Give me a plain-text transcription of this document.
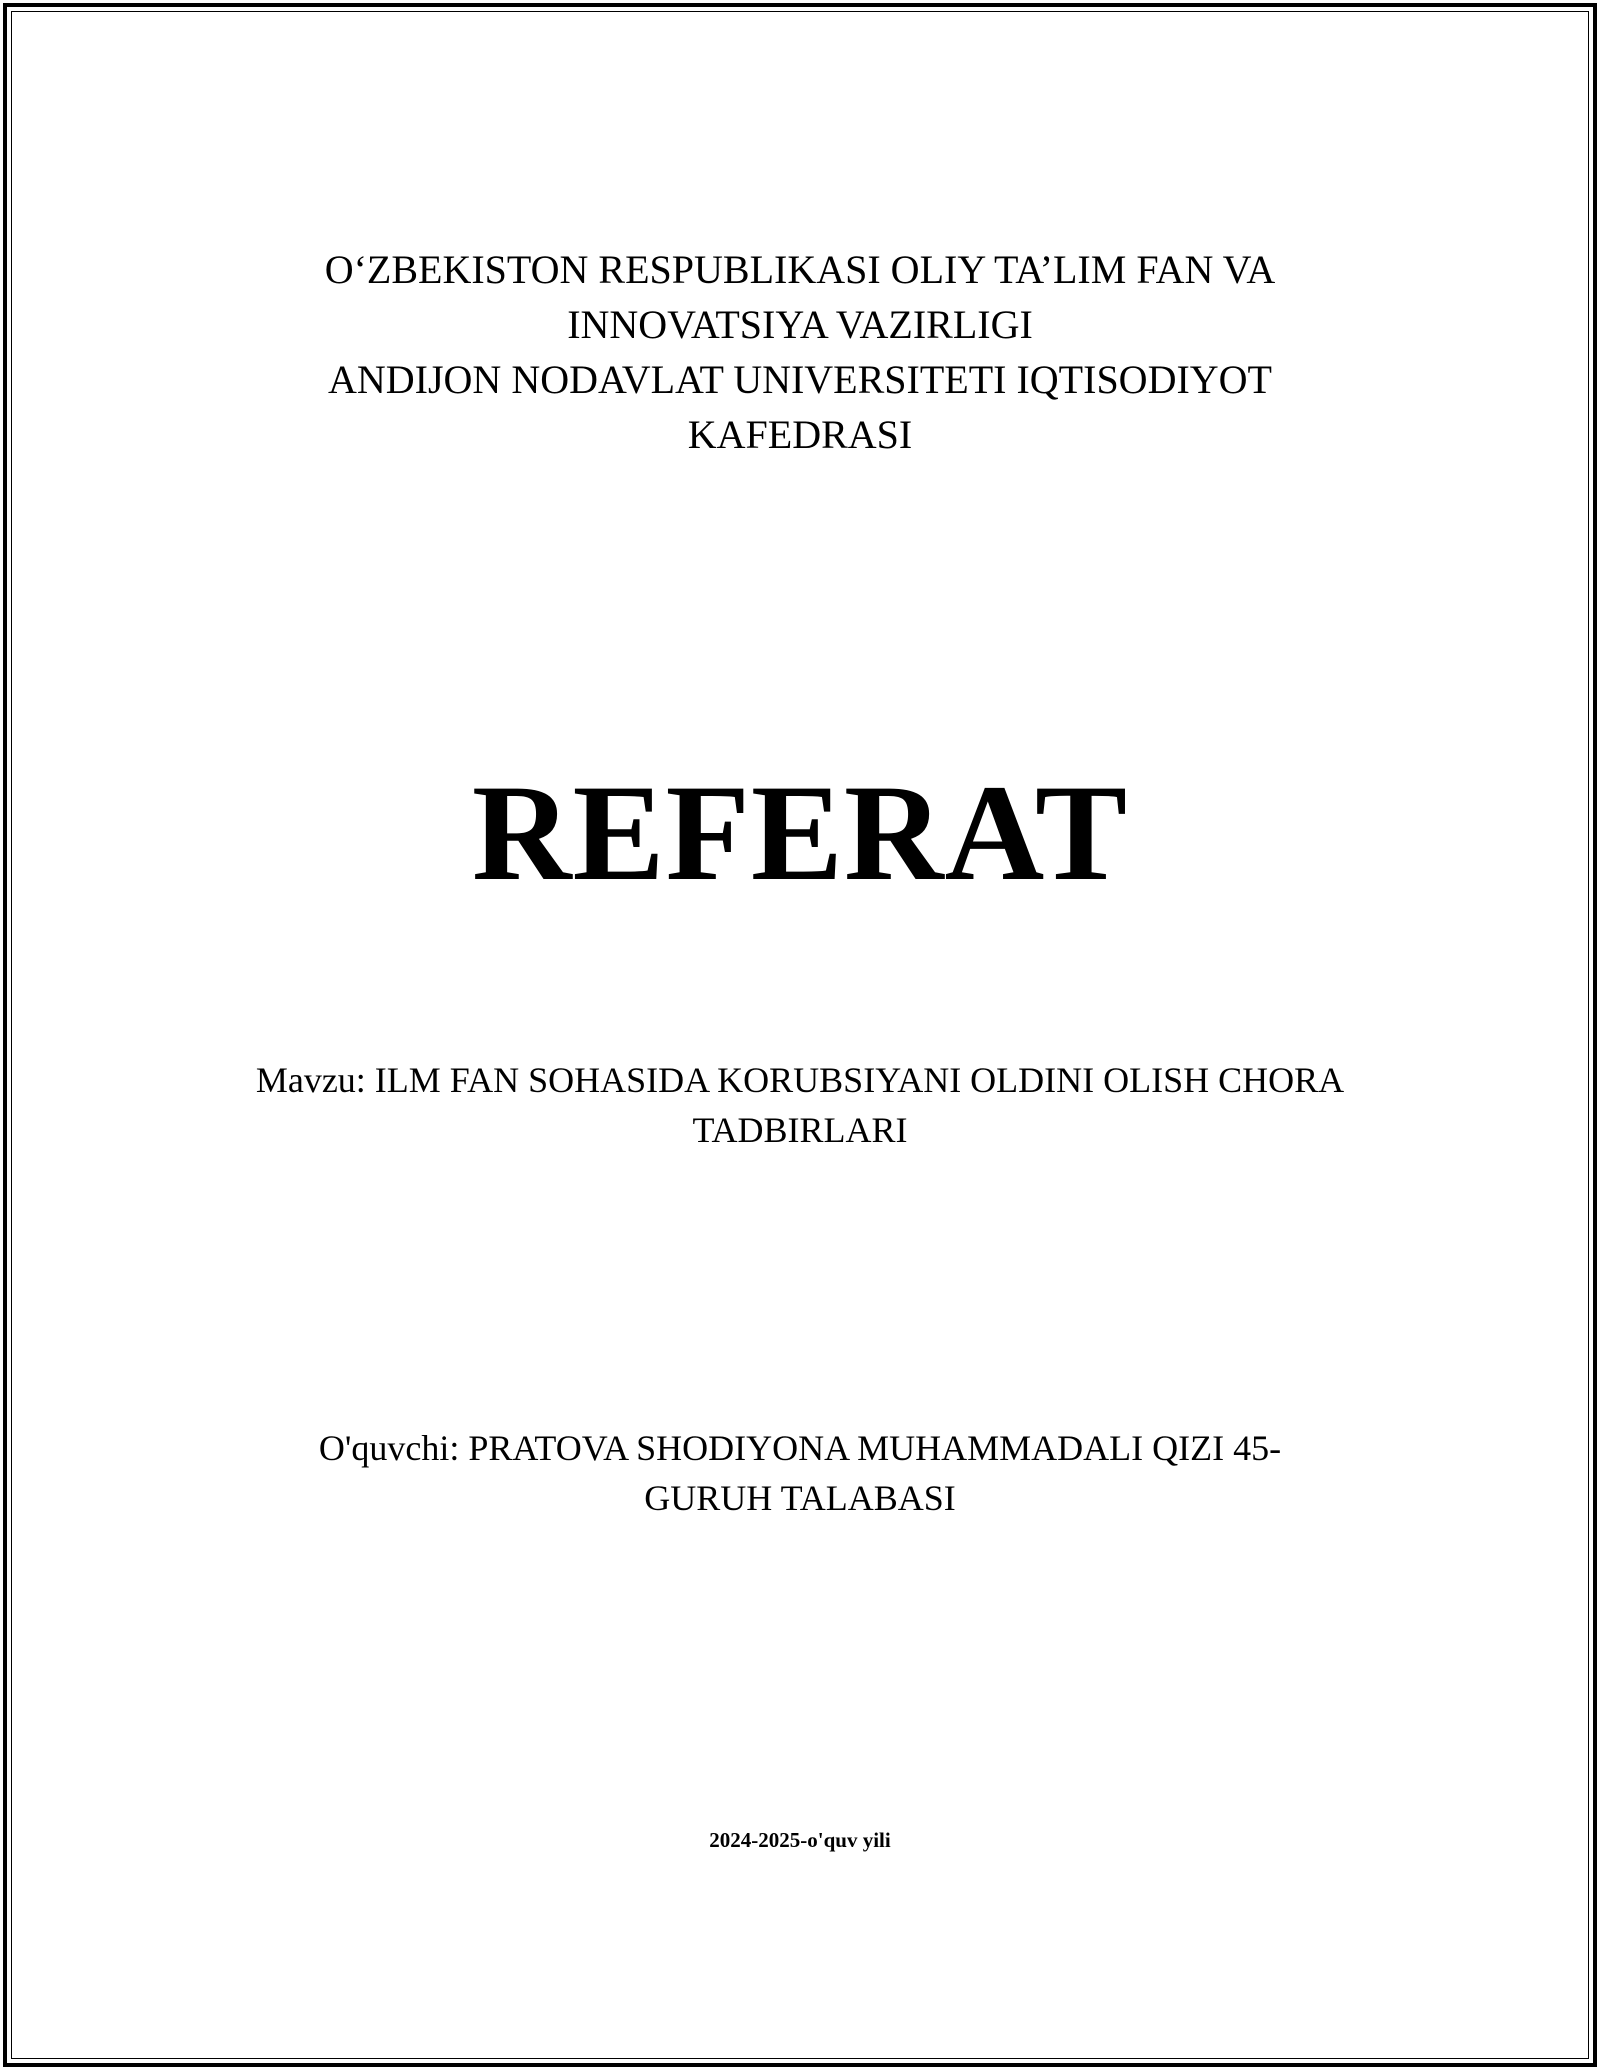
O‘ZBEKISTON RESPUBLIKASI OLIY TA’LIM FAN VA
INNOVATSIYA VAZIRLIGI
ANDIJON NODAVLAT UNIVERSITETI IQTISODIYOT
KAFEDRASI
REFERAT
Mavzu: ILM FAN SOHASIDA KORUBSIYANI OLDINI OLISH CHORA
TADBIRLARI
O'quvchi: PRATOVA SHODIYONA MUHAMMADALI QIZI 45-
GURUH TALABASI
2024-2025-o'quv yili
